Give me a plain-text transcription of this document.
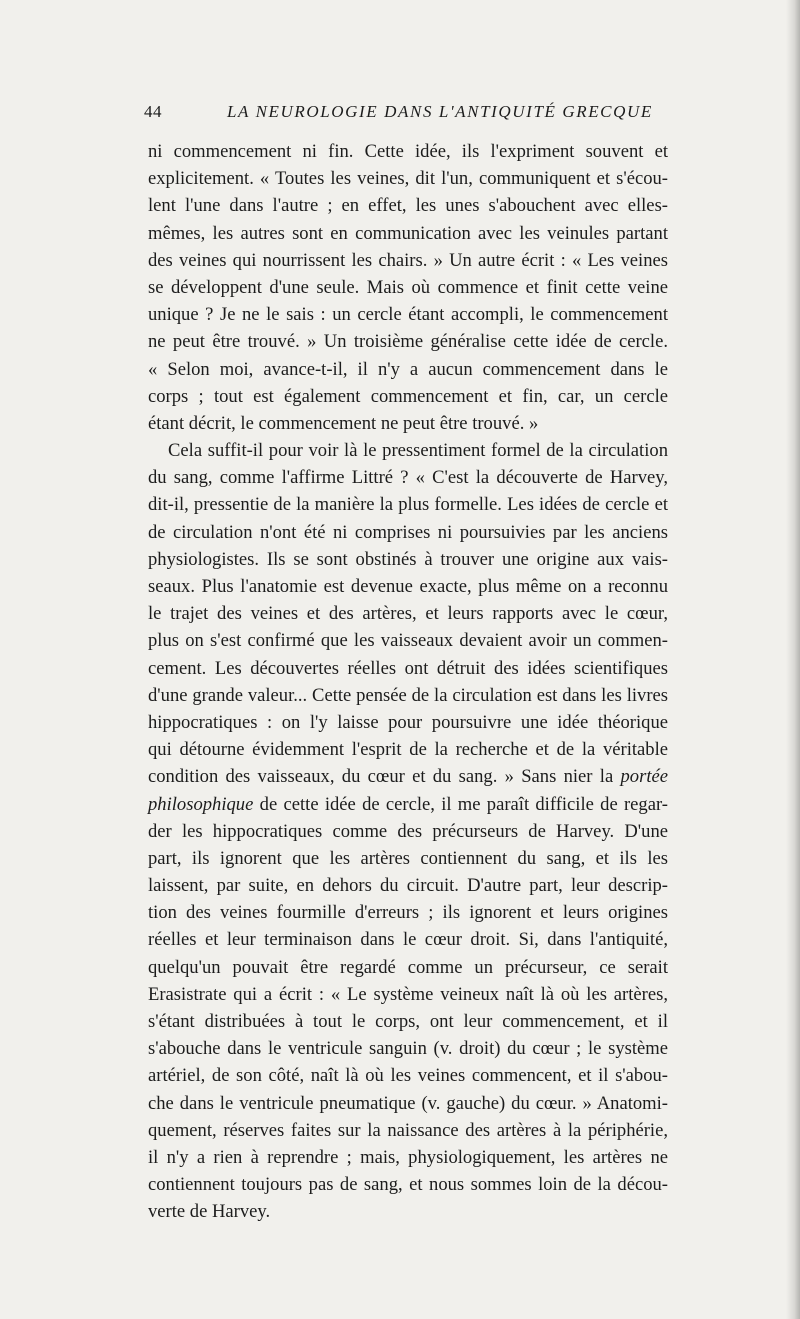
44	LA NEUROLOGIE DANS L'ANTIQUITÉ GRECQUE
ni commencement ni fin. Cette idée, ils l'expriment souvent et
explicitement. « Toutes les veines, dit l'un, communiquent et s'écou-
lent l'une dans l'autre ; en effet, les unes s'abouchent avec elles-
mêmes, les autres sont en communication avec les veinules partant
des veines qui nourrissent les chairs. » Un autre écrit : « Les veines
se développent d'une seule. Mais où commence et finit cette veine
unique ? Je ne le sais : un cercle étant accompli, le commencement
ne peut être trouvé. » Un troisième généralise cette idée de cercle.
« Selon moi, avance-t-il, il n'y a aucun commencement dans le
corps ; tout est également commencement et fin, car, un cercle
étant décrit, le commencement ne peut être trouvé. »
Cela suffit-il pour voir là le pressentiment formel de la circulation
du sang, comme l'affirme Littré ? « C'est la découverte de Harvey,
dit-il, pressentie de la manière la plus formelle. Les idées de cercle et
de circulation n'ont été ni comprises ni poursuivies par les anciens
physiologistes. Ils se sont obstinés à trouver une origine aux vais-
seaux. Plus l'anatomie est devenue exacte, plus même on a reconnu
le trajet des veines et des artères, et leurs rapports avec le cœur,
plus on s'est confirmé que les vaisseaux devaient avoir un commen-
cement. Les découvertes réelles ont détruit des idées scientifiques
d'une grande valeur... Cette pensée de la circulation est dans les livres
hippocratiques : on l'y laisse pour poursuivre une idée théorique
qui détourne évidemment l'esprit de la recherche et de la véritable
condition des vaisseaux, du cœur et du sang. » Sans nier la portée
philosophique de cette idée de cercle, il me paraît difficile de regar-
der les hippocratiques comme des précurseurs de Harvey. D'une
part, ils ignorent que les artères contiennent du sang, et ils les
laissent, par suite, en dehors du circuit. D'autre part, leur descrip-
tion des veines fourmille d'erreurs ; ils ignorent et leurs origines
réelles et leur terminaison dans le cœur droit. Si, dans l'antiquité,
quelqu'un pouvait être regardé comme un précurseur, ce serait
Erasistrate qui a écrit : « Le système veineux naît là où les artères,
s'étant distribuées à tout le corps, ont leur commencement, et il
s'abouche dans le ventricule sanguin (v. droit) du cœur ; le système
artériel, de son côté, naît là où les veines commencent, et il s'abou-
che dans le ventricule pneumatique (v. gauche) du cœur. » Anatomi-
quement, réserves faites sur la naissance des artères à la périphérie,
il n'y a rien à reprendre ; mais, physiologiquement, les artères ne
contiennent toujours pas de sang, et nous sommes loin de la décou-
verte de Harvey.
